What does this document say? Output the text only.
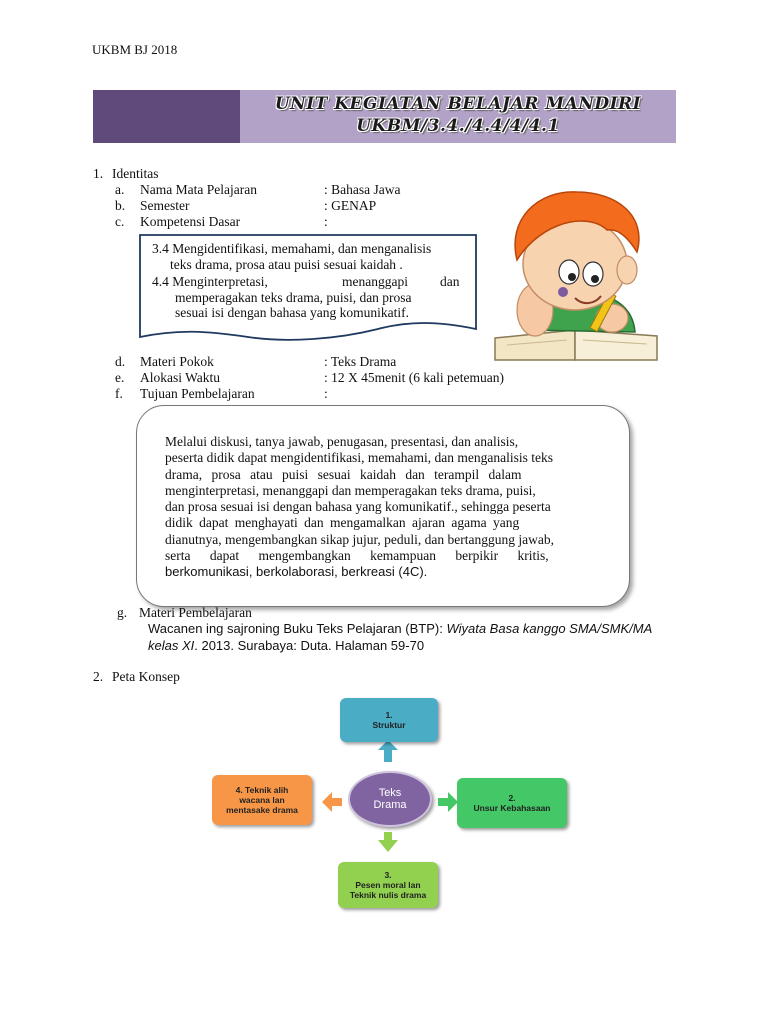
UKBM BJ 2018
UNIT KEGIATAN BELAJAR MANDIRI
UKBM/3.4./4.4/4/4.1
1. Identitas
a. Nama Mata Pelajaran	: Bahasa Jawa
b. Semester	: GENAP
c. Kompetensi Dasar	:
3.4 Mengidentifikasi, memahami, dan menganalisis
teks drama, prosa atau puisi sesuai kaidah .
4.4 Menginterpretasi,	menanggapi dan
memperagakan teks drama, puisi, dan prosa
sesuai isi dengan bahasa yang komunikatif.
d. Materi Pokok	: Teks Drama
e. Alokasi Waktu	: 12 X 45menit (6 kali petemuan)
f. Tujuan Pembelajaran	:
Melalui diskusi, tanya jawab, penugasan, presentasi, dan analisis,
peserta didik dapat mengidentifikasi, memahami, dan menganalisis teks
drama, prosa atau puisi sesuai kaidah dan terampil dalam
menginterpretasi, menanggapi dan memperagakan teks drama, puisi,
dan prosa sesuai isi dengan bahasa yang komunikatif., sehingga peserta
didik dapat menghayati dan mengamalkan ajaran agama yang
dianutnya, mengembangkan sikap jujur, peduli, dan bertanggung jawab,
serta dapat mengembangkan kemampuan berpikir kritis,
berkomunikasi, berkolaborasi, berkreasi (4C).
g. Materi Pembelajaran
Wacanen ing sajroning Buku Teks Pelajaran (BTP): Wiyata Basa kanggo SMA/SMK/MA
kelas XI. 2013. Surabaya: Duta. Halaman 59-70
2. Peta Konsep
1.
Struktur
2.
Unsur Kebahasaan
3.
Pesen moral lan
Teknik nulis drama
4. Teknik alih
wacana lan
mentasake drama
Teks
Drama
